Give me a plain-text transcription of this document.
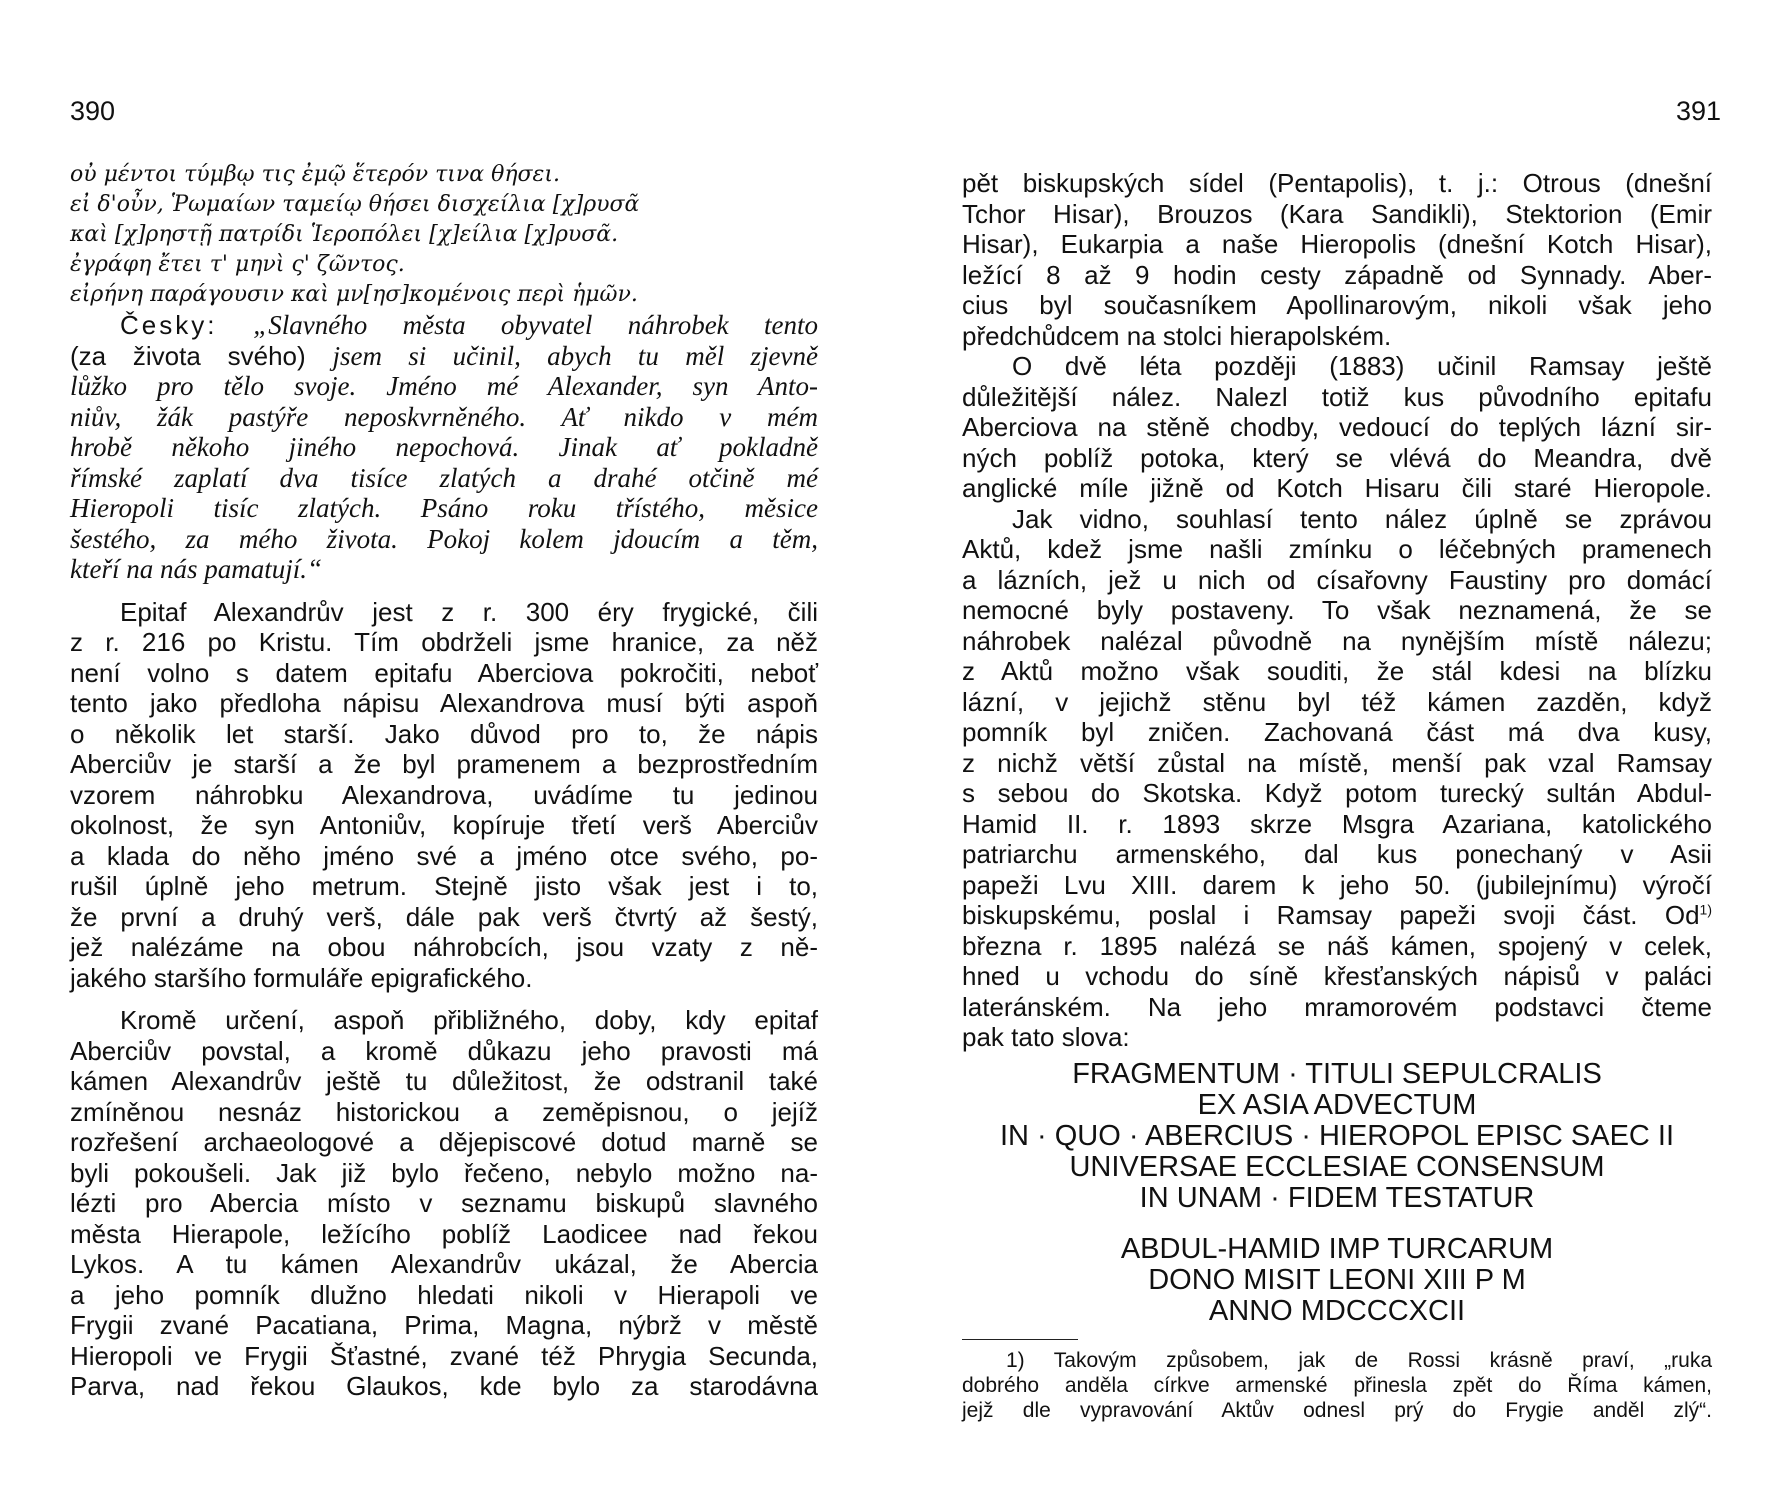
390	391
οὐ μέντοι τύμβῳ τις ἐμῷ ἕτερόν τινα θήσει.
εἰ δ'οὖν, Ῥωμαίων ταμείῳ θήσει δισχείλια [χ]ρυσᾶ
καὶ [χ]ρηστῇ πατρίδι Ἱεροπόλει [χ]είλια [χ]ρυσᾶ.
ἐγράφη ἔτει τ' μηνὶ ς' ζῶντος.
εἰρήνη παράγουσιν καὶ μν[ησ]κομένοις περὶ ἡμῶν.
Česky: „Slavného města obyvatel náhrobek tento
(za života svého) jsem si učinil, abych tu měl zjevně
lůžko pro tělo svoje. Jméno mé Alexander, syn Anto-
niův, žák pastýře neposkvrněného. Ať nikdo v mém
hrobě někoho jiného nepochová. Jinak ať pokladně
římské zaplatí dva tisíce zlatých a drahé otčině mé
Hieropoli tisíc zlatých. Psáno roku třístého, měsice
šestého, za mého života. Pokoj kolem jdoucím a těm,
kteří na nás pamatují.“
Epitaf Alexandrův jest z r. 300 éry frygické, čili
z r. 216 po Kristu. Tím obdrželi jsme hranice, za něž
není volno s datem epitafu Aberciova pokročiti, neboť
tento jako předloha nápisu Alexandrova musí býti aspoň
o několik let starší. Jako důvod pro to, že nápis
Aberciův je starší a že byl pramenem a bezprostředním
vzorem náhrobku Alexandrova, uvádíme tu jedinou
okolnost, že syn Antoniův, kopíruje třetí verš Aberciův
a klada do něho jméno své a jméno otce svého, po-
rušil úplně jeho metrum. Stejně jisto však jest i to,
že první a druhý verš, dále pak verš čtvrtý až šestý,
jež nalézáme na obou náhrobcích, jsou vzaty z ně-
jakého staršího formuláře epigrafického.
Kromě určení, aspoň přibližného, doby, kdy epitaf
Aberciův povstal, a kromě důkazu jeho pravosti má
kámen Alexandrův ještě tu důležitost, že odstranil také
zmíněnou nesnáz historickou a zeměpisnou, o jejíž
rozřešení archaeologové a dějepiscové dotud marně se
byli pokoušeli. Jak již bylo řečeno, nebylo možno na-
lézti pro Abercia místo v seznamu biskupů slavného
města Hierapole, ležícího poblíž Laodicee nad řekou
Lykos. A tu kámen Alexandrův ukázal, že Abercia
a jeho pomník dlužno hledati nikoli v Hierapoli ve
Frygii zvané Pacatiana, Prima, Magna, nýbrž v městě
Hieropoli ve Frygii Šťastné, zvané též Phrygia Secunda,
Parva, nad řekou Glaukos, kde bylo za starodávna
pět biskupských sídel (Pentapolis), t. j.: Otrous (dnešní
Tchor Hisar), Brouzos (Kara Sandikli), Stektorion (Emir
Hisar), Eukarpia a naše Hieropolis (dnešní Kotch Hisar),
ležící 8 až 9 hodin cesty západně od Synnady. Aber-
cius byl současníkem Apollinarovým, nikoli však jeho
předchůdcem na stolci hierapolském.
O dvě léta později (1883) učinil Ramsay ještě
důležitější nález. Nalezl totiž kus původního epitafu
Aberciova na stěně chodby, vedoucí do teplých lázní sir-
ných poblíž potoka, který se vlévá do Meandra, dvě
anglické míle jižně od Kotch Hisaru čili staré Hieropole.
Jak vidno, souhlasí tento nález úplně se zprávou
Aktů, kdež jsme našli zmínku o léčebných pramenech
a lázních, jež u nich od císařovny Faustiny pro domácí
nemocné byly postaveny. To však neznamená, že se
náhrobek nalézal původně na nynějším místě nálezu;
z Aktů možno však souditi, že stál kdesi na blízku
lázní, v jejichž stěnu byl též kámen zazděn, když
pomník byl zničen. Zachovaná část má dva kusy,
z nichž větší zůstal na místě, menší pak vzal Ramsay
s sebou do Skotska. Když potom turecký sultán Abdul-
Hamid II. r. 1893 skrze Msgra Azariana, katolického
patriarchu armenského, dal kus ponechaný v Asii
papeži Lvu XIII. darem k jeho 50. (jubilejnímu) výročí
biskupskému, poslal i Ramsay papeži svoji část. Od$^{1)}$
března r. 1895 nalézá se náš kámen, spojený v celek,
hned u vchodu do síně křesťanských nápisů v paláci
lateránském. Na jeho mramorovém podstavci čteme
pak tato slova:
FRAGMENTUM · TITULI SEPULCRALIS
EX ASIA ADVECTUM
IN · QUO · ABERCIUS · HIEROPOL EPISC SAEC II
UNIVERSAE ECCLESIAE CONSENSUM
IN UNAM · FIDEM TESTATUR
ABDUL-HAMID IMP TURCARUM
DONO MISIT LEONI XIII P M
ANNO MDCCCXCII
1) Takovým způsobem, jak de Rossi krásně praví, „ruka
dobrého anděla církve armenské přinesla zpět do Říma kámen,
jejž dle vypravování Aktův odnesl prý do Frygie anděl zlý“.
